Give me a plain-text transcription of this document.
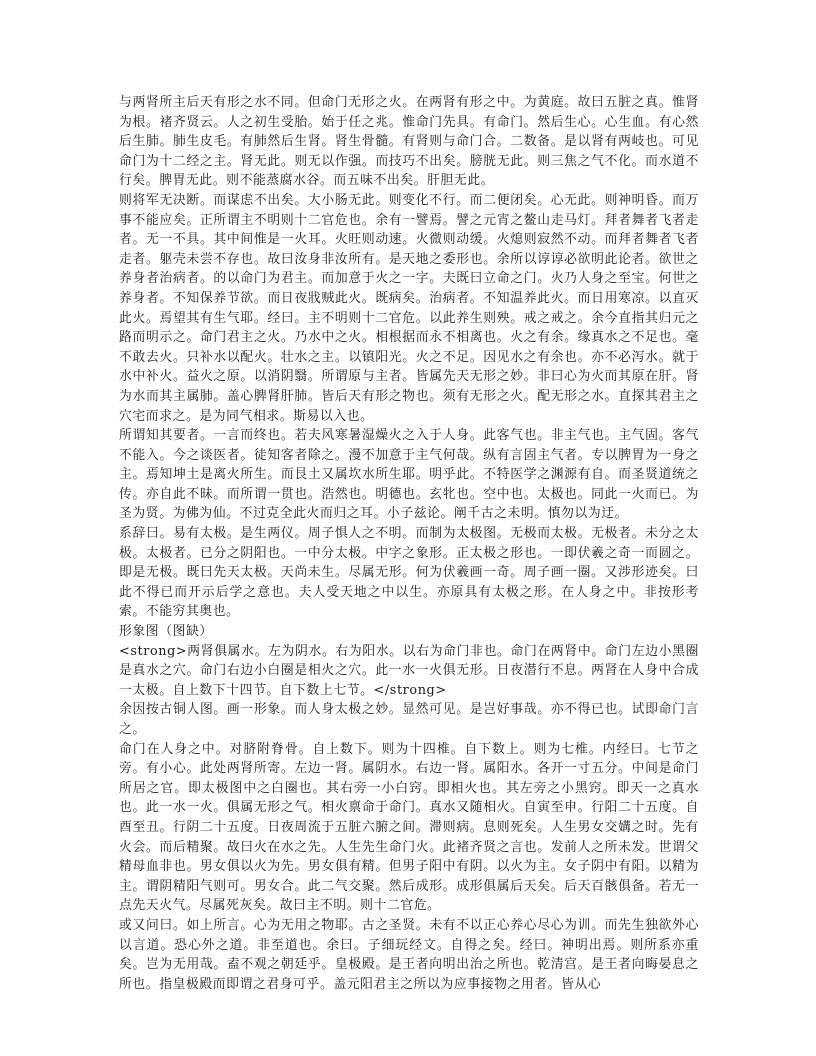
与两肾所主后天有形之水不同。但命门无形之火。在两肾有形之中。为黄庭。故曰五脏之真。惟肾为根。褚齐贤云。人之初生受胎。始于任之兆。惟命门先具。有命门。然后生心。心生血。有心然后生肺。肺生皮毛。有肺然后生肾。肾生骨髓。有肾则与命门合。二数备。是以肾有两岐也。可见命门为十二经之主。肾无此。则无以作强。而技巧不出矣。膀胱无此。则三焦之气不化。而水道不行矣。脾胃无此。则不能蒸腐水谷。而五味不出矣。肝胆无此。

则将军无决断。而谋虑不出矣。大小肠无此。则变化不行。而二便闭矣。心无此。则神明昏。而万事不能应矣。正所谓主不明则十二官危也。余有一譬焉。譬之元宵之鳌山走马灯。拜者舞者飞者走者。无一不具。其中间惟是一火耳。火旺则动速。火微则动缓。火熄则寂然不动。而拜者舞者飞者走者。躯壳未尝不存也。故曰汝身非汝所有。是天地之委形也。余所以谆谆必欲明此论者。欲世之养身者治病者。的以命门为君主。而加意于火之一字。夫既曰立命之门。火乃人身之至宝。何世之养身者。不知保养节欲。而日夜戕贼此火。既病矣。治病者。不知温养此火。而日用寒凉。以直灭此火。焉望其有生气耶。经曰。主不明则十二官危。以此养生则殃。戒之戒之。余今直指其归元之路而明示之。命门君主之火。乃水中之火。相根据而永不相离也。火之有余。缘真水之不足也。毫不敢去火。只补水以配火。壮水之主。以镇阳光。火之不足。因见水之有余也。亦不必泻水。就于水中补火。益火之原。以消阴翳。所谓原与主者。皆属先天无形之妙。非曰心为火而其原在肝。肾为水而其主属肺。盖心脾肾肝肺。皆后天有形之物也。须有无形之火。配无形之水。直探其君主之穴宅而求之。是为同气相求。斯易以入也。

所谓知其要者。一言而终也。若夫风寒暑湿燥火之入于人身。此客气也。非主气也。主气固。客气不能入。今之谈医者。徒知客者除之。漫不加意于主气何哉。纵有言固主气者。专以脾胃为一身之主。焉知坤土是离火所生。而艮土又属坎水所生耶。明乎此。不特医学之渊源有自。而圣贤道统之传。亦自此不昧。而所谓一贯也。浩然也。明德也。玄牝也。空中也。太极也。同此一火而已。为圣为贤。为佛为仙。不过克全此火而归之耳。小子兹论。阐千古之未明。慎勿以为迂。

系辞曰。易有太极。是生两仪。周子惧人之不明。而制为太极图。无极而太极。无极者。未分之太极。太极者。已分之阴阳也。一中分太极。中字之象形。正太极之形也。一即伏羲之奇一而圆之。即是无极。既曰先天太极。天尚未生。尽属无形。何为伏羲画一奇。周子画一圈。又涉形迹矣。曰此不得已而开示后学之意也。夫人受天地之中以生。亦原具有太极之形。在人身之中。非按形考索。不能穷其奥也。

形象图（图缺）

<strong>两肾俱属水。左为阴水。右为阳水。以右为命门非也。命门在两肾中。命门左边小黑圈是真水之穴。命门右边小白圈是相火之穴。此一水一火俱无形。日夜潜行不息。两肾在人身中合成一太极。自上数下十四节。自下数上七节。</strong>

余因按古铜人图。画一形象。而人身太极之妙。显然可见。是岂好事哉。亦不得已也。试即命门言之。

命门在人身之中。对脐附脊骨。自上数下。则为十四椎。自下数上。则为七椎。内经曰。七节之旁。有小心。此处两肾所寄。左边一肾。属阴水。右边一肾。属阳水。各开一寸五分。中间是命门所居之官。即太极图中之白圈也。其右旁一小白窍。即相火也。其左旁之小黑窍。即天一之真水也。此一水一火。俱属无形之气。相火禀命于命门。真水又随相火。自寅至申。行阳二十五度。自酉至丑。行阴二十五度。日夜周流于五脏六腑之间。滞则病。息则死矣。人生男女交媾之时。先有火会。而后精聚。故曰火在水之先。人生先生命门火。此褚齐贤之言也。发前人之所未发。世谓父精母血非也。男女俱以火为先。男女俱有精。但男子阳中有阴。以火为主。女子阴中有阳。以精为主。谓阴精阳气则可。男女合。此二气交聚。然后成形。成形俱属后天矣。后天百骸俱备。若无一点先天火气。尽属死灰矣。故曰主不明。则十二官危。

或又问曰。如上所言。心为无用之物耶。古之圣贤。未有不以正心养心尽心为训。而先生独欲外心以言道。恐心外之道。非至道也。余曰。子细玩经文。自得之矣。经曰。神明出焉。则所系亦重矣。岂为无用哉。盍不观之朝廷乎。皇极殿。是王者向明出治之所也。乾清宫。是王者向晦晏息之所也。指皇极殿而即谓之君身可乎。盖元阳君主之所以为应事接物之用者。皆从心
